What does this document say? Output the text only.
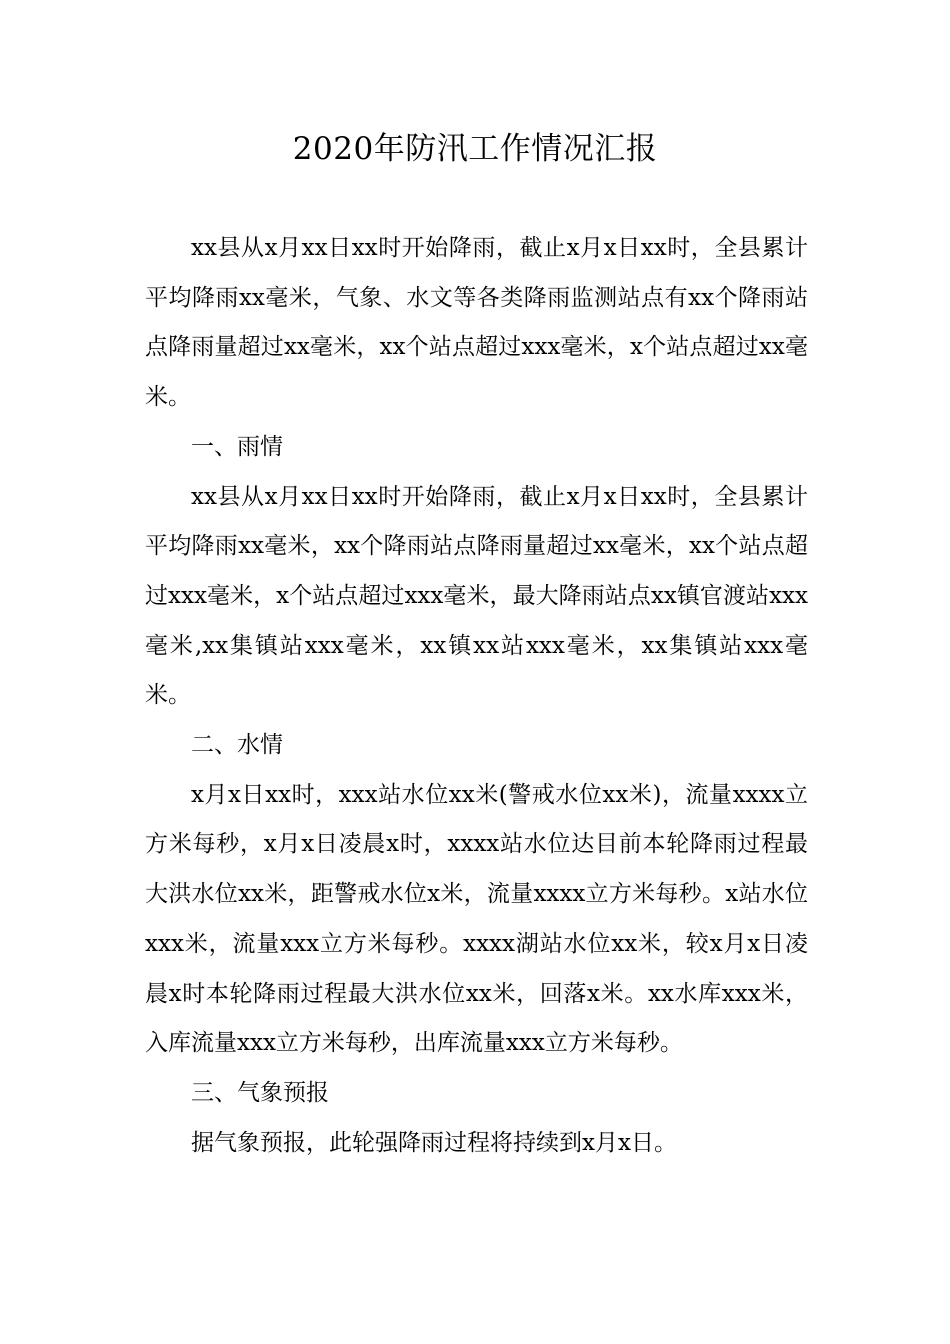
2020年防汛工作情况汇报

xx县从x月xx日xx时开始降雨，截止x月x日xx时，全县累计平均降雨xx毫米，气象、水文等各类降雨监测站点有xx个降雨站点降雨量超过xx毫米，xx个站点超过xxx毫米，x个站点超过xx毫米。

一、雨情

xx县从x月xx日xx时开始降雨，截止x月x日xx时，全县累计平均降雨xx毫米，xx个降雨站点降雨量超过xx毫米，xx个站点超过xxx毫米，x个站点超过xxx毫米，最大降雨站点xx镇官渡站xxx毫米,xx集镇站xxx毫米，xx镇xx站xxx毫米，xx集镇站xxx毫米。

二、水情

x月x日xx时，xxx站水位xx米(警戒水位xx米)，流量xxxx立方米每秒，x月x日凌晨x时，xxxx站水位达目前本轮降雨过程最大洪水位xx米，距警戒水位x米，流量xxxx立方米每秒。x站水位xxx米，流量xxx立方米每秒。xxxx湖站水位xx米，较x月x日凌晨x时本轮降雨过程最大洪水位xx米，回落x米。xx水库xxx米，入库流量xxx立方米每秒，出库流量xxx立方米每秒。

三、气象预报

据气象预报，此轮强降雨过程将持续到x月x日。
